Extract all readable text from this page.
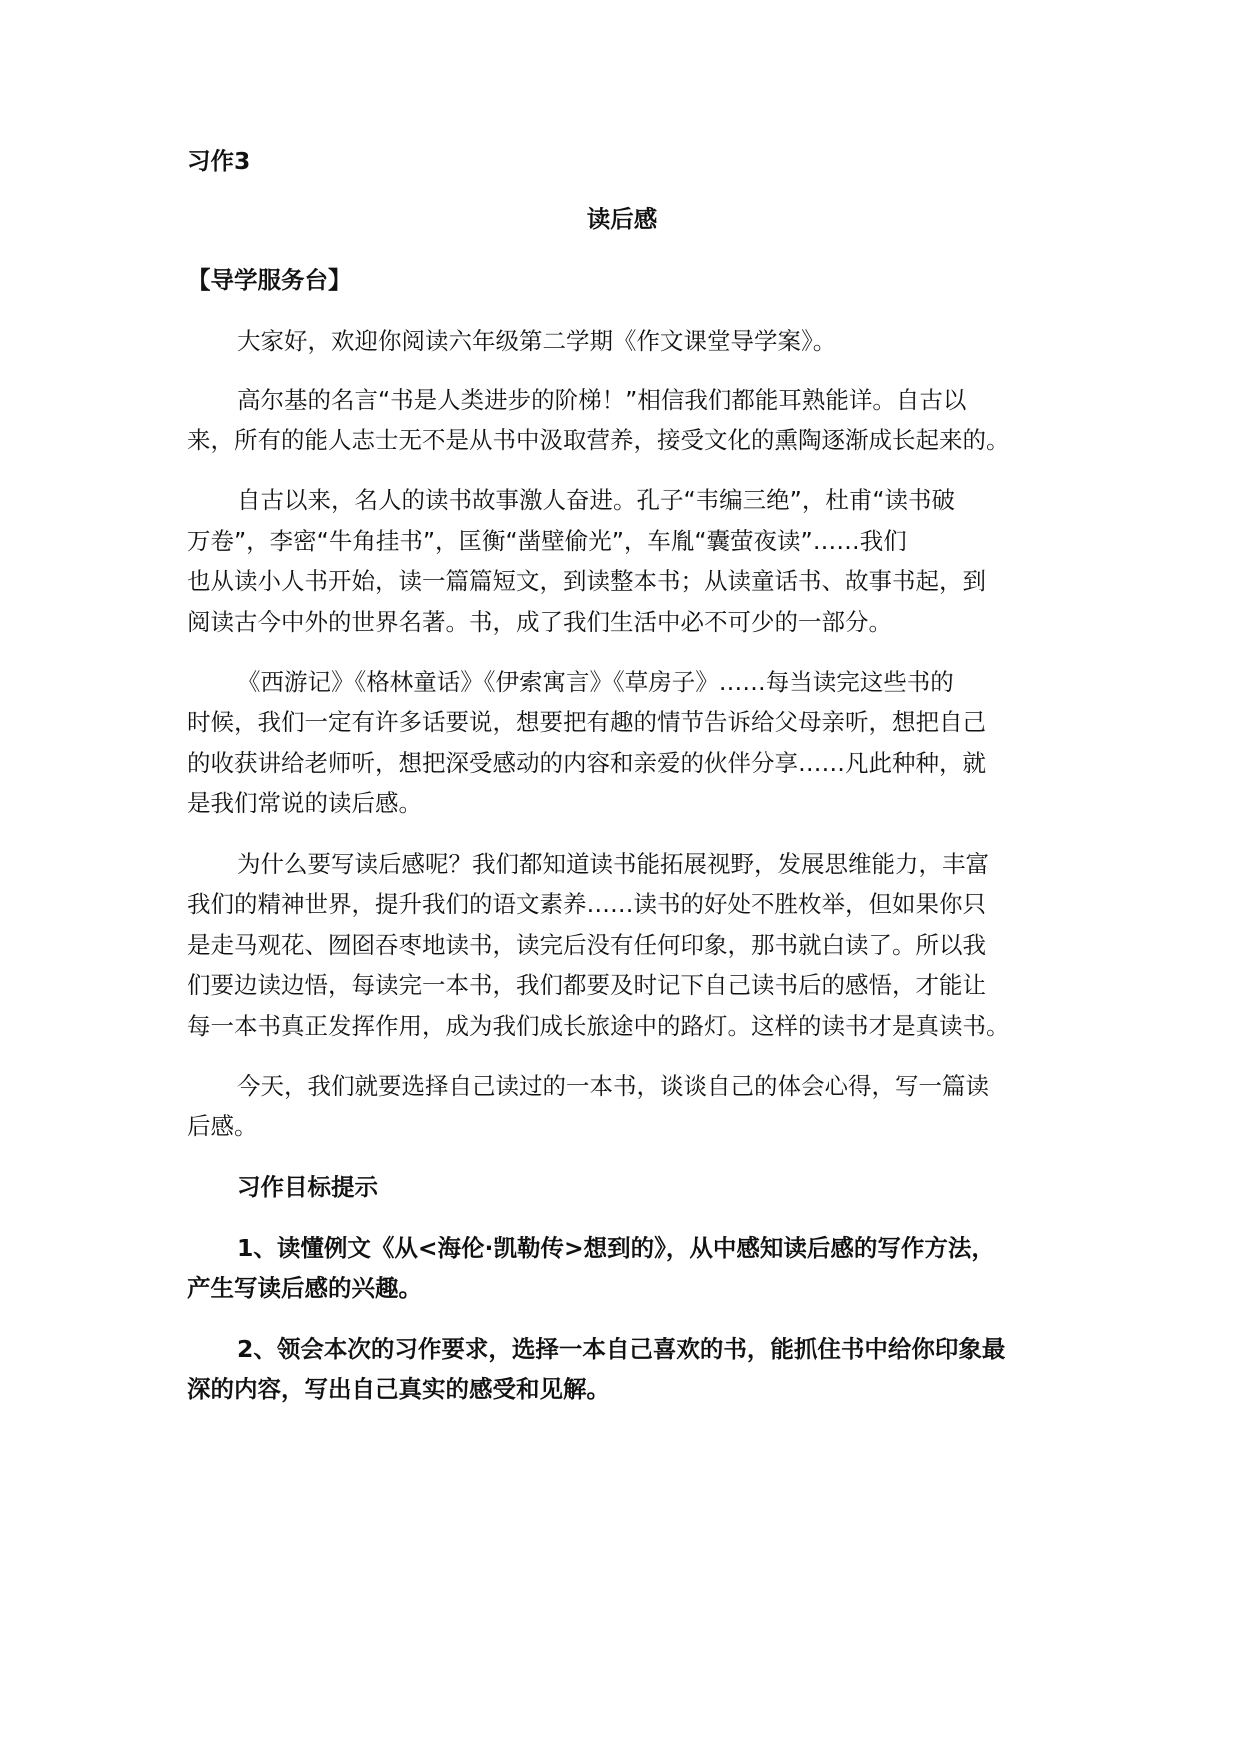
习作3
读后感
【导学服务台】
大家好，欢迎你阅读六年级第二学期《作文课堂导学案》。
高尔基的名言“书是人类进步的阶梯！”相信我们都能耳熟能详。自古以
来，所有的能人志士无不是从书中汲取营养，接受文化的熏陶逐渐成长起来的。
自古以来，名人的读书故事激人奋进。孔子“韦编三绝”，杜甫“读书破
万卷”，李密“牛角挂书”，匡衡“凿壁偷光”，车胤“囊萤夜读”……我们
也从读小人书开始，读一篇篇短文，到读整本书；从读童话书、故事书起，到
阅读古今中外的世界名著。书，成了我们生活中必不可少的一部分。
《西游记》《格林童话》《伊索寓言》《草房子》……每当读完这些书的
时候，我们一定有许多话要说，想要把有趣的情节告诉给父母亲听，想把自己
的收获讲给老师听，想把深受感动的内容和亲爱的伙伴分享……凡此种种，就
是我们常说的读后感。
为什么要写读后感呢？我们都知道读书能拓展视野，发展思维能力，丰富
我们的精神世界，提升我们的语文素养……读书的好处不胜枚举，但如果你只
是走马观花、囫囵吞枣地读书，读完后没有任何印象，那书就白读了。所以我
们要边读边悟，每读完一本书，我们都要及时记下自己读书后的感悟，才能让
每一本书真正发挥作用，成为我们成长旅途中的路灯。这样的读书才是真读书。
今天，我们就要选择自己读过的一本书，谈谈自己的体会心得，写一篇读
后感。
习作目标提示
1、读懂例文《从<海伦·凯勒传>想到的》，从中感知读后感的写作方法，
产生写读后感的兴趣。
2、领会本次的习作要求，选择一本自己喜欢的书，能抓住书中给你印象最
深的内容，写出自己真实的感受和见解。
